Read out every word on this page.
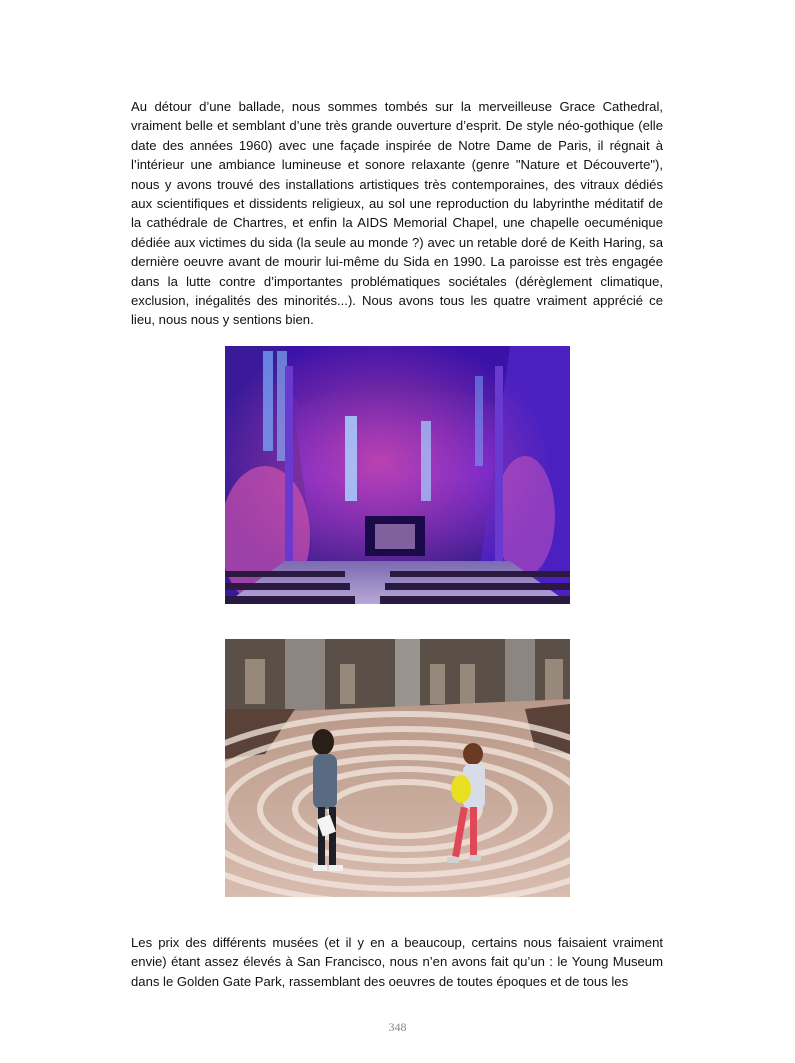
Au détour d’une ballade, nous sommes tombés sur la merveilleuse Grace Cathedral, vraiment belle et semblant d’une très grande ouverture d’esprit. De style néo-gothique (elle date des années 1960) avec une façade inspirée de Notre Dame de Paris, il régnait à l’intérieur une ambiance lumineuse et sonore relaxante (genre "Nature et Découverte"), nous y avons trouvé des installations artistiques très contemporaines, des vitraux dédiés aux scientifiques et dissidents religieux, au sol une reproduction du labyrinthe méditatif de la cathédrale de Chartres, et enfin la AIDS Memorial Chapel, une chapelle oecuménique dédiée aux victimes du sida (la seule au monde ?) avec un retable doré de Keith Haring, sa dernière oeuvre avant de mourir lui-même du Sida en 1990. La paroisse est très engagée dans la lutte contre d’importantes problématiques sociétales (dérèglement climatique, exclusion, inégalités des minorités...). Nous avons tous les quatre vraiment apprécié ce lieu, nous nous y sentions bien.

Les prix des différents musées (et il y en a beaucoup, certains nous faisaient vraiment envie) étant assez élevés à San Francisco, nous n’en avons fait qu’un : le Young Museum dans le Golden Gate Park, rassemblant des oeuvres de toutes époques et de tous les

348
